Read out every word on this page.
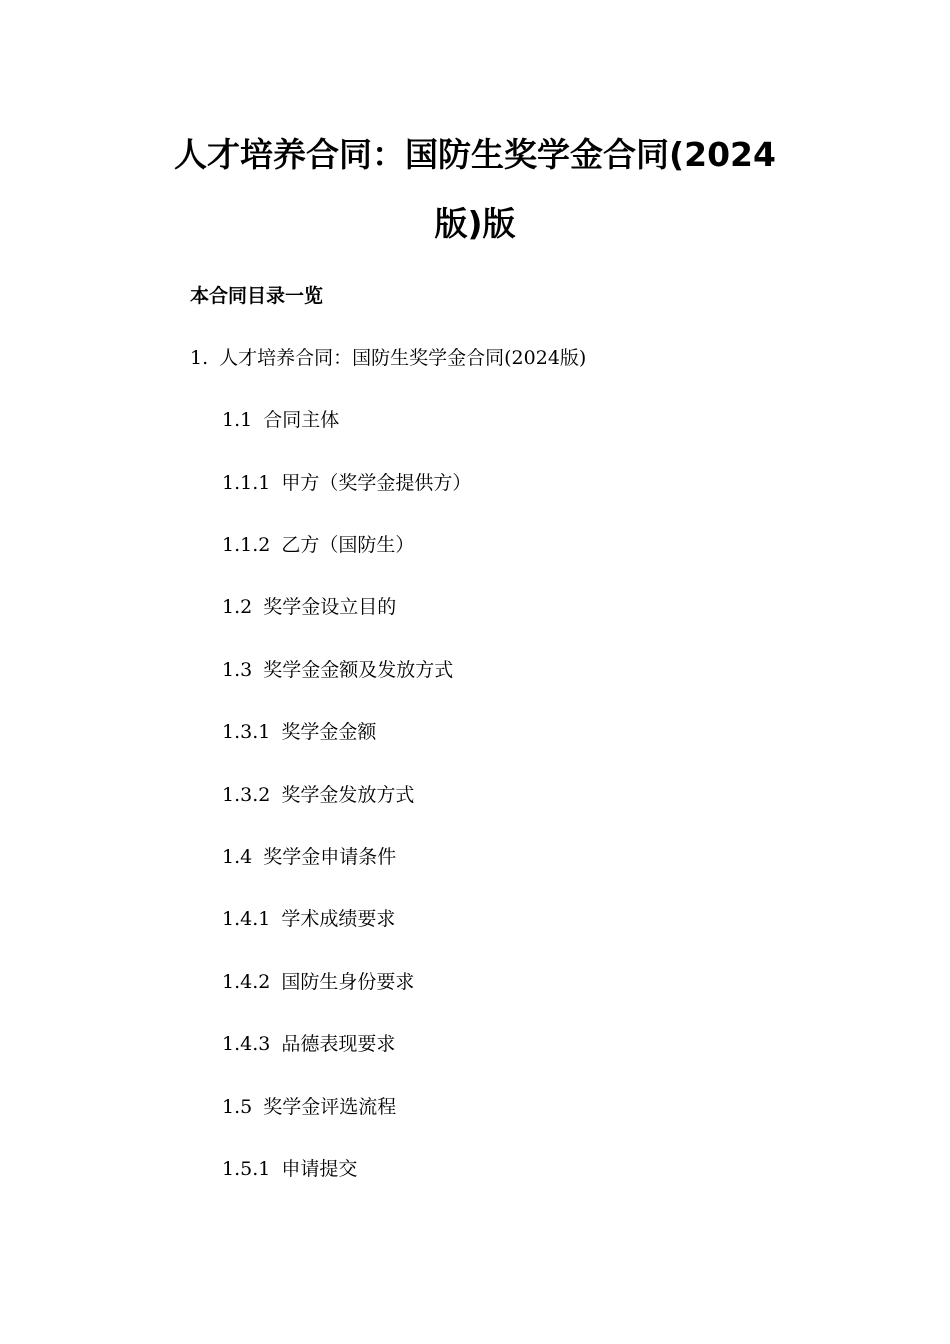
人才培养合同：国防生奖学金合同(2024
版)版
本合同目录一览

1. 人才培养合同：国防生奖学金合同(2024版)

1.1 合同主体

1.1.1 甲方（奖学金提供方）

1.1.2 乙方（国防生）

1.2 奖学金设立目的

1.3 奖学金金额及发放方式

1.3.1 奖学金金额

1.3.2 奖学金发放方式

1.4 奖学金申请条件

1.4.1 学术成绩要求

1.4.2 国防生身份要求

1.4.3 品德表现要求

1.5 奖学金评选流程

1.5.1 申请提交
